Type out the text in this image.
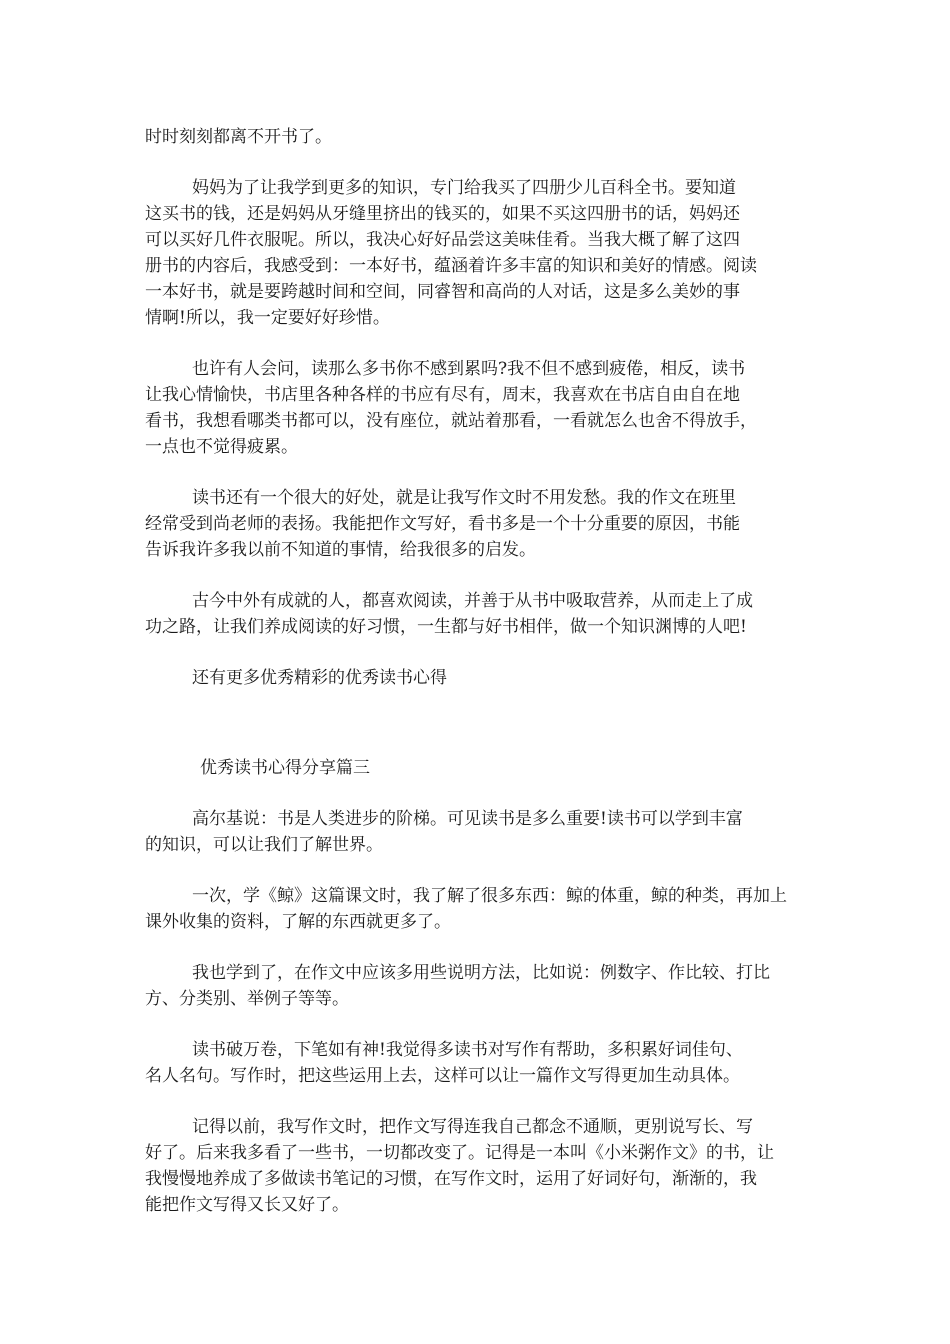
时时刻刻都离不开书了。

妈妈为了让我学到更多的知识，专门给我买了四册少儿百科全书。要知道

这买书的钱，还是妈妈从牙缝里挤出的钱买的，如果不买这四册书的话，妈妈还

可以买好几件衣服呢。所以，我决心好好品尝这美味佳肴。当我大概了解了这四

册书的内容后，我感受到：一本好书，蕴涵着许多丰富的知识和美好的情感。阅读

一本好书，就是要跨越时间和空间，同睿智和高尚的人对话，这是多么美妙的事

情啊!所以，我一定要好好珍惜。

也许有人会问，读那么多书你不感到累吗?我不但不感到疲倦，相反，读书

让我心情愉快，书店里各种各样的书应有尽有，周末，我喜欢在书店自由自在地

看书，我想看哪类书都可以，没有座位，就站着那看，一看就怎么也舍不得放手，

一点也不觉得疲累。

读书还有一个很大的好处，就是让我写作文时不用发愁。我的作文在班里

经常受到尚老师的表扬。我能把作文写好，看书多是一个十分重要的原因，书能

告诉我许多我以前不知道的事情，给我很多的启发。

古今中外有成就的人，都喜欢阅读，并善于从书中吸取营养，从而走上了成

功之路，让我们养成阅读的好习惯，一生都与好书相伴，做一个知识渊博的人吧!

还有更多优秀精彩的优秀读书心得

优秀读书心得分享篇三

高尔基说：书是人类进步的阶梯。可见读书是多么重要!读书可以学到丰富

的知识，可以让我们了解世界。

一次，学《鲸》这篇课文时，我了解了很多东西：鲸的体重，鲸的种类，再加上

课外收集的资料，了解的东西就更多了。

我也学到了，在作文中应该多用些说明方法，比如说：例数字、作比较、打比

方、分类别、举例子等等。

读书破万卷，下笔如有神!我觉得多读书对写作有帮助，多积累好词佳句、

名人名句。写作时，把这些运用上去，这样可以让一篇作文写得更加生动具体。

记得以前，我写作文时，把作文写得连我自己都念不通顺，更别说写长、写

好了。后来我多看了一些书，一切都改变了。记得是一本叫《小米粥作文》的书，让

我慢慢地养成了多做读书笔记的习惯，在写作文时，运用了好词好句，渐渐的，我

能把作文写得又长又好了。
